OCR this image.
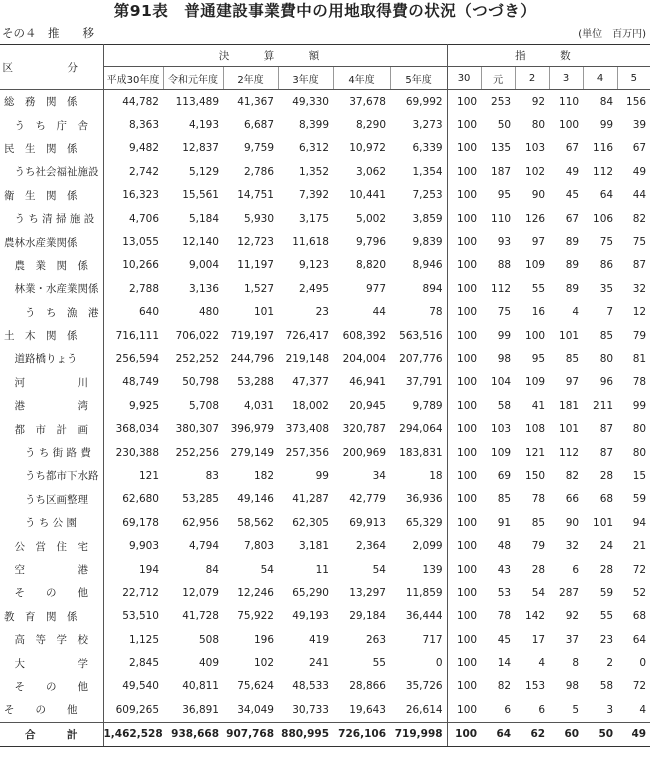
第91表　普通建設事業費中の用地取得費の状況（つづき）
その４　推　　移	(単位　百万円)
区　分	決　算　額						指　数					
	平成30年度	令和元年度	2年度	3年度	4年度	5年度	30	元	2	3	4	5
総　務　関　係	44,782	113,489	41,367	49,330	37,678	69,992	100	253	92	110	84	156
　う　ち　庁　舎	8,363	4,193	6,687	8,399	8,290	3,273	100	50	80	100	99	39
民　生　関　係	9,482	12,837	9,759	6,312	10,972	6,339	100	135	103	67	116	67
　うち社会福祉施設	2,742	5,129	2,786	1,352	3,062	1,354	100	187	102	49	112	49
衛　生　関　係	16,323	15,561	14,751	7,392	10,441	7,253	100	95	90	45	64	44
　う ち 清 掃 施 設	4,706	5,184	5,930	3,175	5,002	3,859	100	110	126	67	106	82
農林水産業関係	13,055	12,140	12,723	11,618	9,796	9,839	100	93	97	89	75	75
　農　業　関　係	10,266	9,004	11,197	9,123	8,820	8,946	100	88	109	89	86	87
　林業・水産業関係	2,788	3,136	1,527	2,495	977	894	100	112	55	89	35	32
　　う　ち　漁　港	640	480	101	23	44	78	100	75	16	4	7	12
土　木　関　係	716,111	706,022	719,197	726,417	608,392	563,516	100	99	100	101	85	79
　道路橋りょう	256,594	252,252	244,796	219,148	204,004	207,776	100	98	95	85	80	81
　河　　　　　川	48,749	50,798	53,288	47,377	46,941	37,791	100	104	109	97	96	78
　港　　　　　湾	9,925	5,708	4,031	18,002	20,945	9,789	100	58	41	181	211	99
　都　市　計　画	368,034	380,307	396,979	373,408	320,787	294,064	100	103	108	101	87	80
　　う ち 街 路 費	230,388	252,256	279,149	257,356	200,969	183,831	100	109	121	112	87	80
　　うち都市下水路	121	83	182	99	34	18	100	69	150	82	28	15
　　うち区画整理	62,680	53,285	49,146	41,287	42,779	36,936	100	85	78	66	68	59
　　う ち 公 園	69,178	62,956	58,562	62,305	69,913	65,329	100	91	85	90	101	94
　公　営　住　宅	9,903	4,794	7,803	3,181	2,364	2,099	100	48	79	32	24	21
　空　　　　　港	194	84	54	11	54	139	100	43	28	6	28	72
　そ　　の　　他	22,712	12,079	12,246	65,290	13,297	11,859	100	53	54	287	59	52
教　育　関　係	53,510	41,728	75,922	49,193	29,184	36,444	100	78	142	92	55	68
　高　等　学　校	1,125	508	196	419	263	717	100	45	17	37	23	64
　大　　　　　学	2,845	409	102	241	55	0	100	14	4	8	2	0
　そ　　の　　他	49,540	40,811	75,624	48,533	28,866	35,726	100	82	153	98	58	72
そ　　の　　他	609,265	36,891	34,049	30,733	19,643	26,614	100	6	6	5	3	4
　　合　　　計	1,462,528	938,668	907,768	880,995	726,106	719,998	100	64	62	60	50	49
